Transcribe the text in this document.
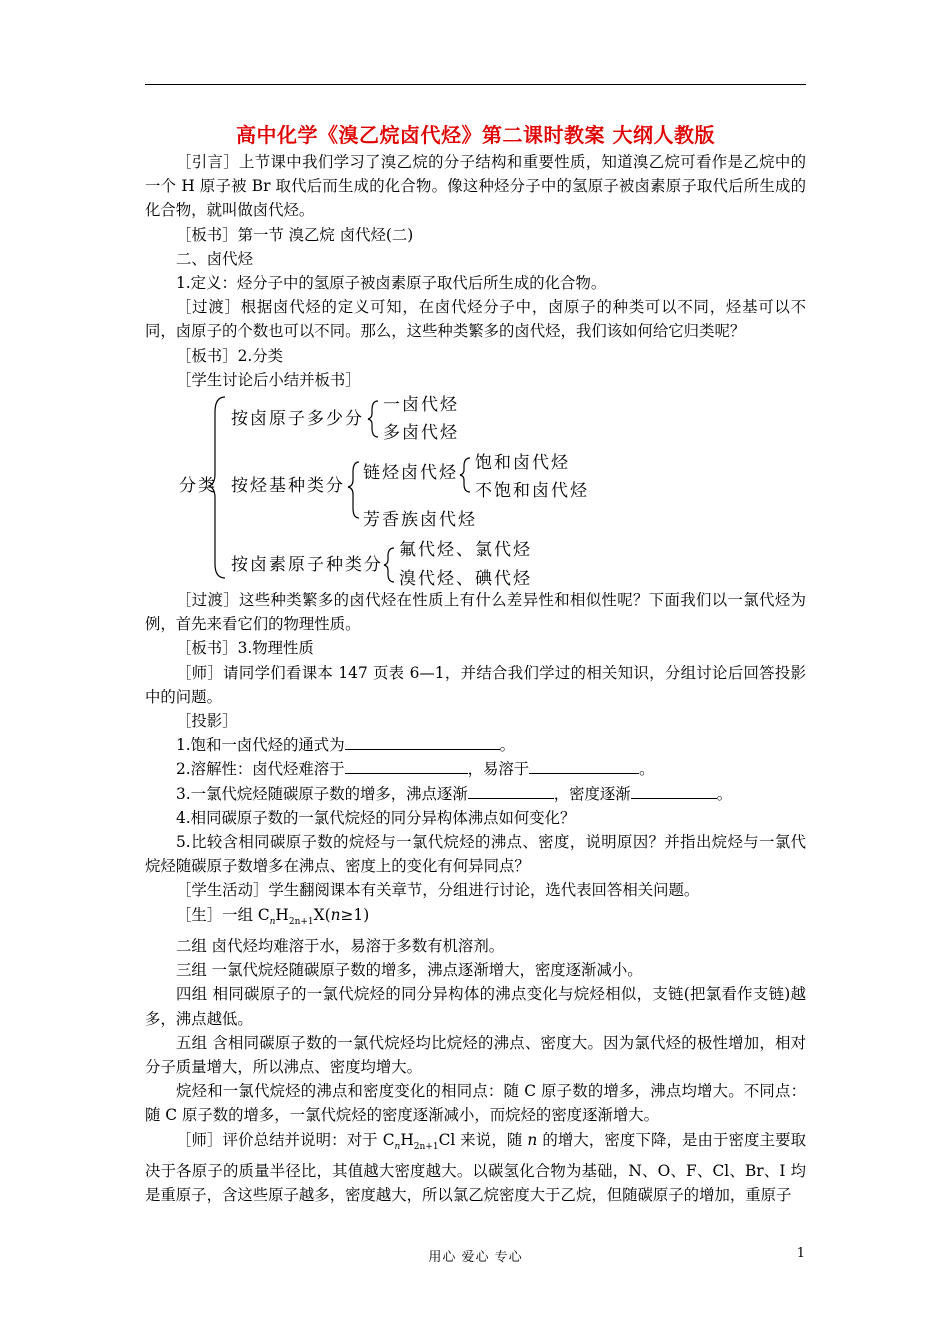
高中化学《溴乙烷卤代烃》第二课时教案 大纲人教版

［引言］上节课中我们学习了溴乙烷的分子结构和重要性质，知道溴乙烷可看作是乙烷中的一个 H 原子被 Br 取代后而生成的化合物。像这种烃分子中的氢原子被卤素原子取代后所生成的化合物，就叫做卤代烃。

［板书］第一节 溴乙烷 卤代烃(二)

二、卤代烃

1.定义：烃分子中的氢原子被卤素原子取代后所生成的化合物。

［过渡］根据卤代烃的定义可知，在卤代烃分子中，卤原子的种类可以不同，烃基可以不同，卤原子的个数也可以不同。那么，这些种类繁多的卤代烃，我们该如何给它归类呢？

［板书］2.分类

［学生讨论后小结并板书］

分类
按卤原子多少分
一卤代烃
多卤代烃
按烃基种类分
链烃卤代烃 饱和卤代烃
不饱和卤代烃
芳香族卤代烃
按卤素原子种类分
氟代烃、氯代烃
溴代烃、碘代烃

［过渡］这些种类繁多的卤代烃在性质上有什么差异性和相似性呢？下面我们以一氯代烃为例，首先来看它们的物理性质。

［板书］3.物理性质

［师］请同学们看课本 147 页表 6—1，并结合我们学过的相关知识，分组讨论后回答投影中的问题。

［投影］

1.饱和一卤代烃的通式为	。

2.溶解性：卤代烃难溶于	，易溶于	。

3.一氯代烷烃随碳原子数的增多，沸点逐渐	，密度逐渐	。

4.相同碳原子数的一氯代烷烃的同分异构体沸点如何变化？

5.比较含相同碳原子数的烷烃与一氯代烷烃的沸点、密度，说明原因？并指出烷烃与一氯代烷烃随碳原子数增多在沸点、密度上的变化有何异同点？

［学生活动］学生翻阅课本有关章节，分组进行讨论，选代表回答相关问题。

［生］一组 $C_nH_{2n+1}X(n\ge 1)$

二组 卤代烃均难溶于水，易溶于多数有机溶剂。

三组 一氯代烷烃随碳原子数的增多，沸点逐渐增大，密度逐渐减小。

四组 相同碳原子的一氯代烷烃的同分异构体的沸点变化与烷烃相似，支链(把氯看作支链)越多，沸点越低。

五组 含相同碳原子数的一氯代烷烃均比烷烃的沸点、密度大。因为氯代烃的极性增加，相对分子质量增大，所以沸点、密度均增大。

烷烃和一氯代烷烃的沸点和密度变化的相同点：随 C 原子数的增多，沸点均增大。不同点：随 C 原子数的增多，一氯代烷烃的密度逐渐减小，而烷烃的密度逐渐增大。

［师］评价总结并说明：对于 $C_nH_{2n+1}Cl$ 来说，随 n 的增大，密度下降，是由于密度主要取决于各原子的质量半径比，其值越大密度越大。以碳氢化合物为基础，N、O、F、Cl、Br、I 均是重原子，含这些原子越多，密度越大，所以氯乙烷密度大于乙烷，但随碳原子的增加，重原子

用心 爱心 专心	1
